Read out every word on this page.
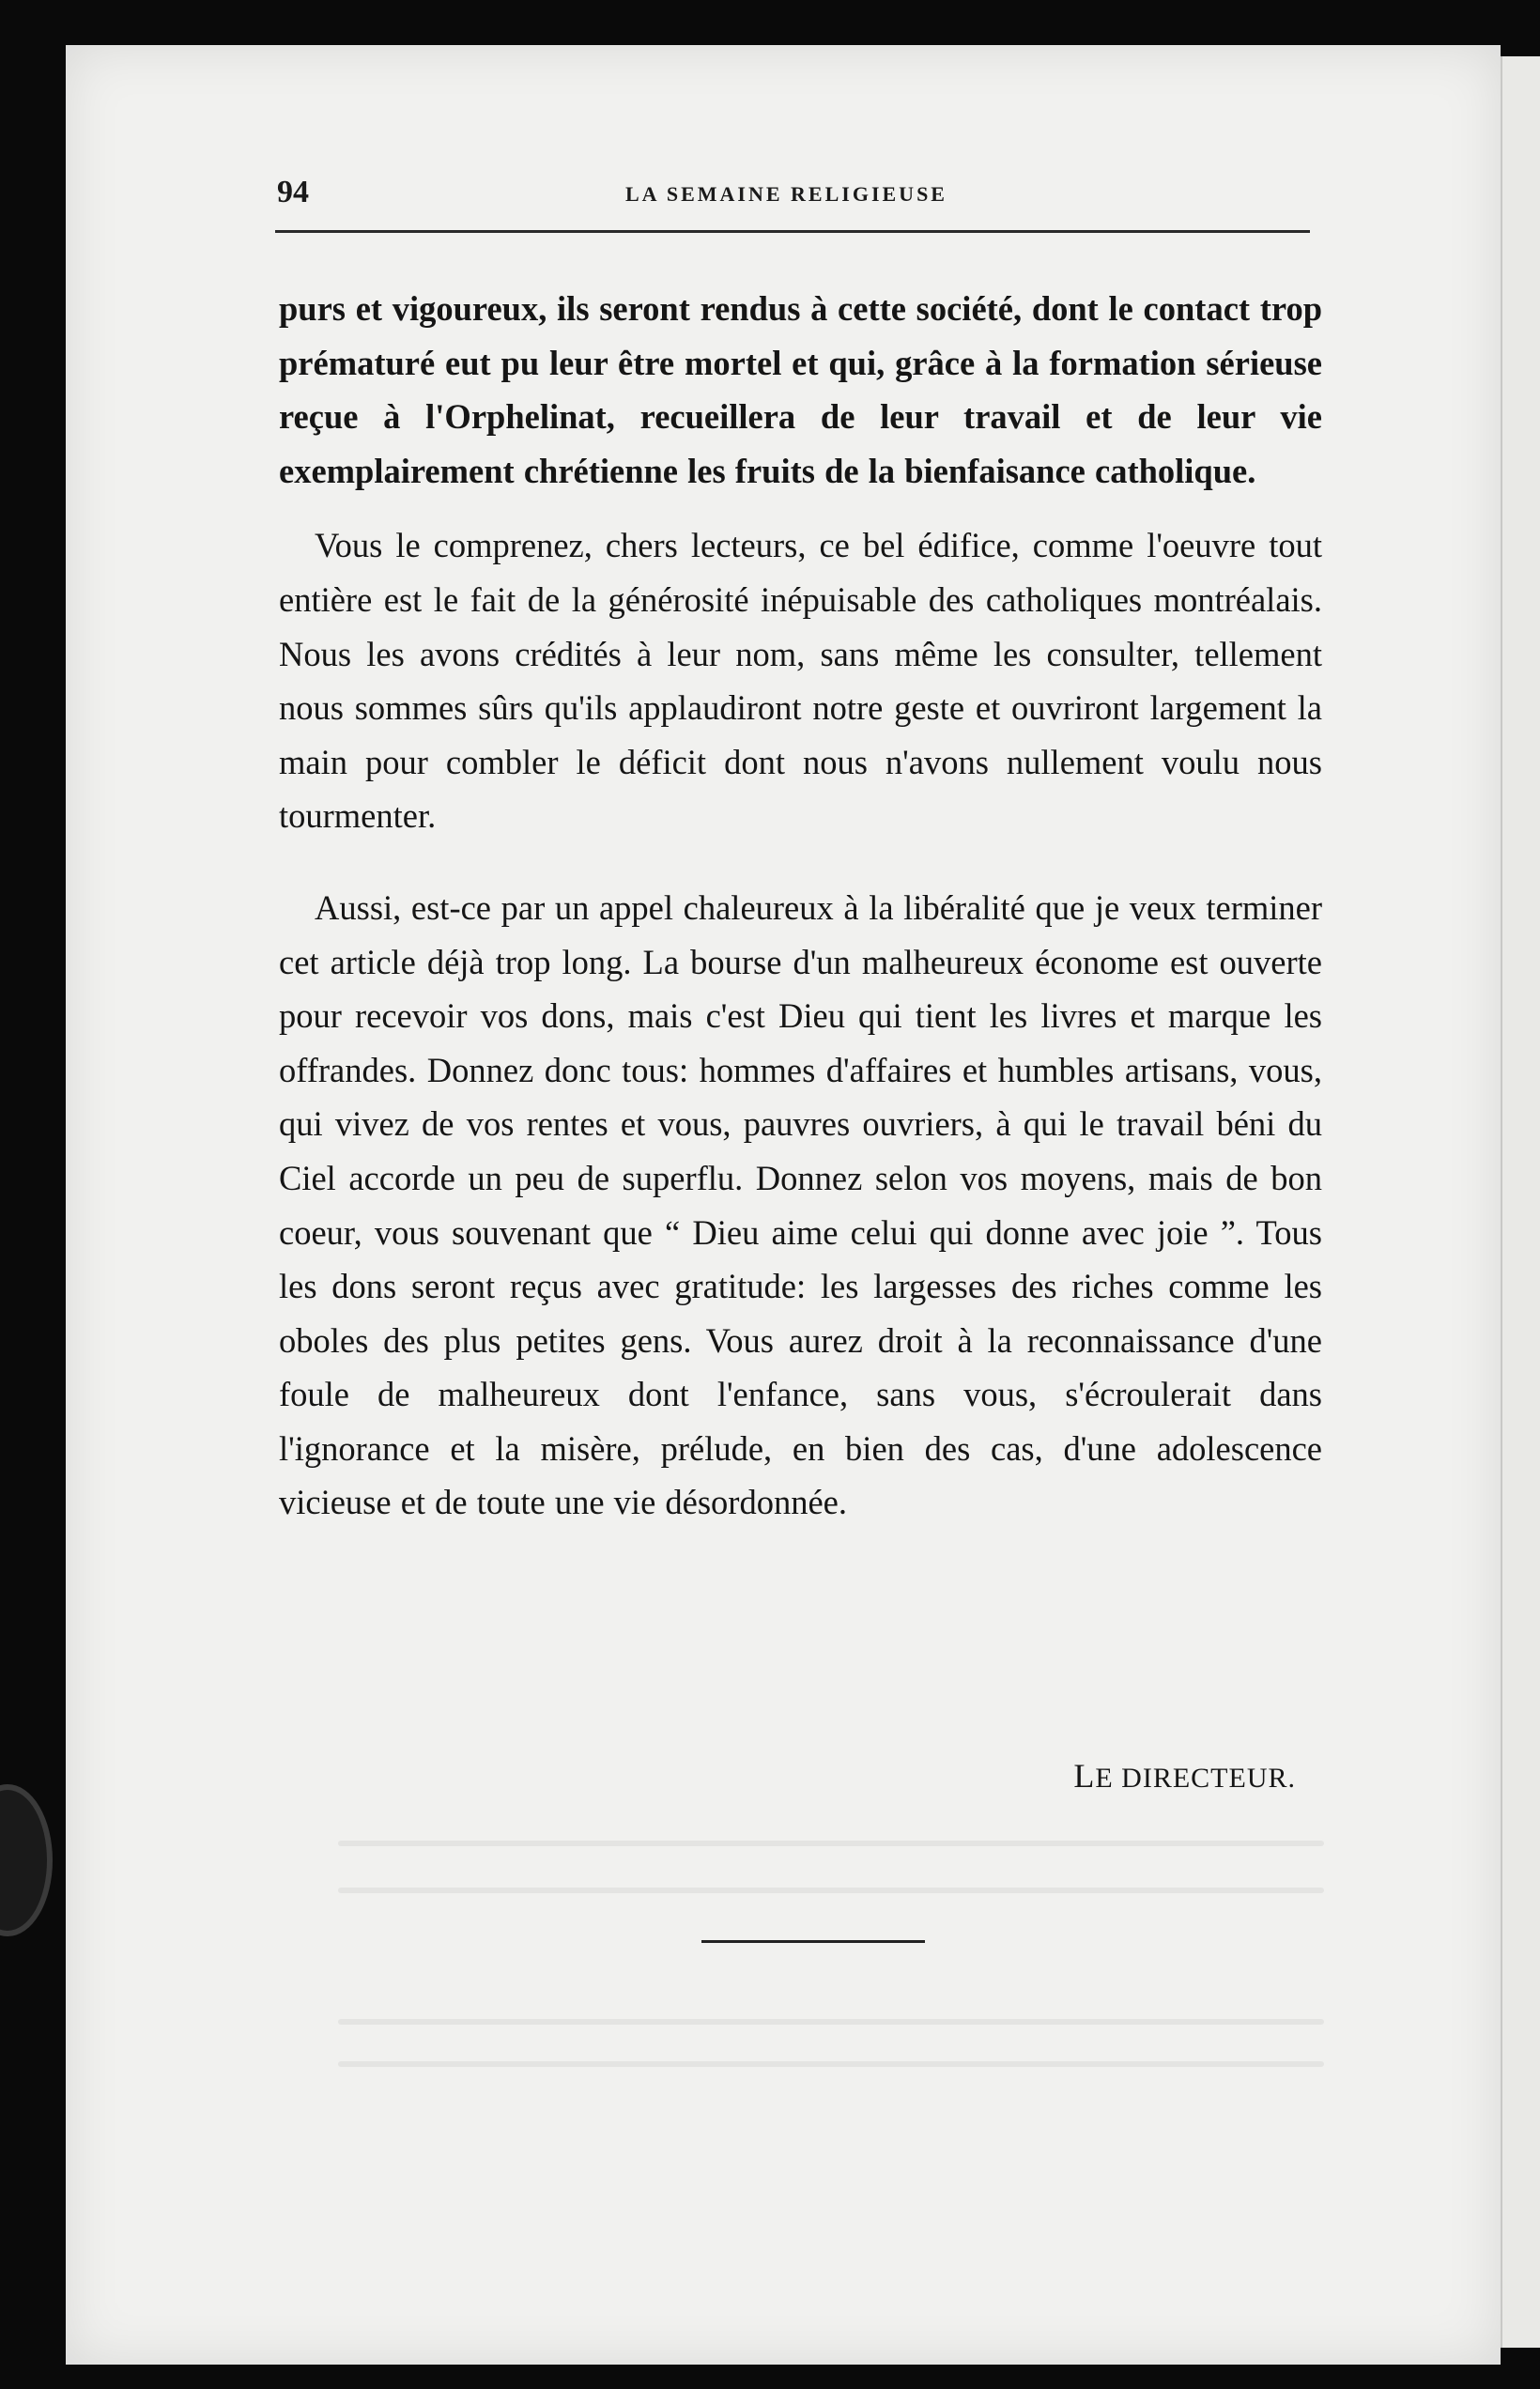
94	LA SEMAINE RELIGIEUSE

purs et vigoureux, ils seront rendus à cette société, dont le contact trop prématuré eut pu leur être mortel et qui, grâce à la formation sérieuse reçue à l'Orphelinat, recueillera de leur travail et de leur vie exemplairement chrétienne les fruits de la bienfaisance catholique.

Vous le comprenez, chers lecteurs, ce bel édifice, comme l'oeuvre tout entière est le fait de la générosité inépuisable des catholiques montréalais. Nous les avons crédités à leur nom, sans même les consulter, tellement nous sommes sûrs qu'ils applaudiront notre geste et ouvriront largement la main pour combler le déficit dont nous n'avons nullement voulu nous tourmenter.

Aussi, est-ce par un appel chaleureux à la libéralité que je veux terminer cet article déjà trop long. La bourse d'un malheureux économe est ouverte pour recevoir vos dons, mais c'est Dieu qui tient les livres et marque les offrandes. Donnez donc tous: hommes d'affaires et humbles artisans, vous, qui vivez de vos rentes et vous, pauvres ouvriers, à qui le travail béni du Ciel accorde un peu de superflu. Donnez selon vos moyens, mais de bon coeur, vous souvenant que “ Dieu aime celui qui donne avec joie ”. Tous les dons seront reçus avec gratitude: les largesses des riches comme les oboles des plus petites gens. Vous aurez droit à la reconnaissance d'une foule de malheureux dont l'enfance, sans vous, s'écroulerait dans l'ignorance et la misère, prélude, en bien des cas, d'une adolescence vicieuse et de toute une vie désordonnée.

LE DIRECTEUR.
